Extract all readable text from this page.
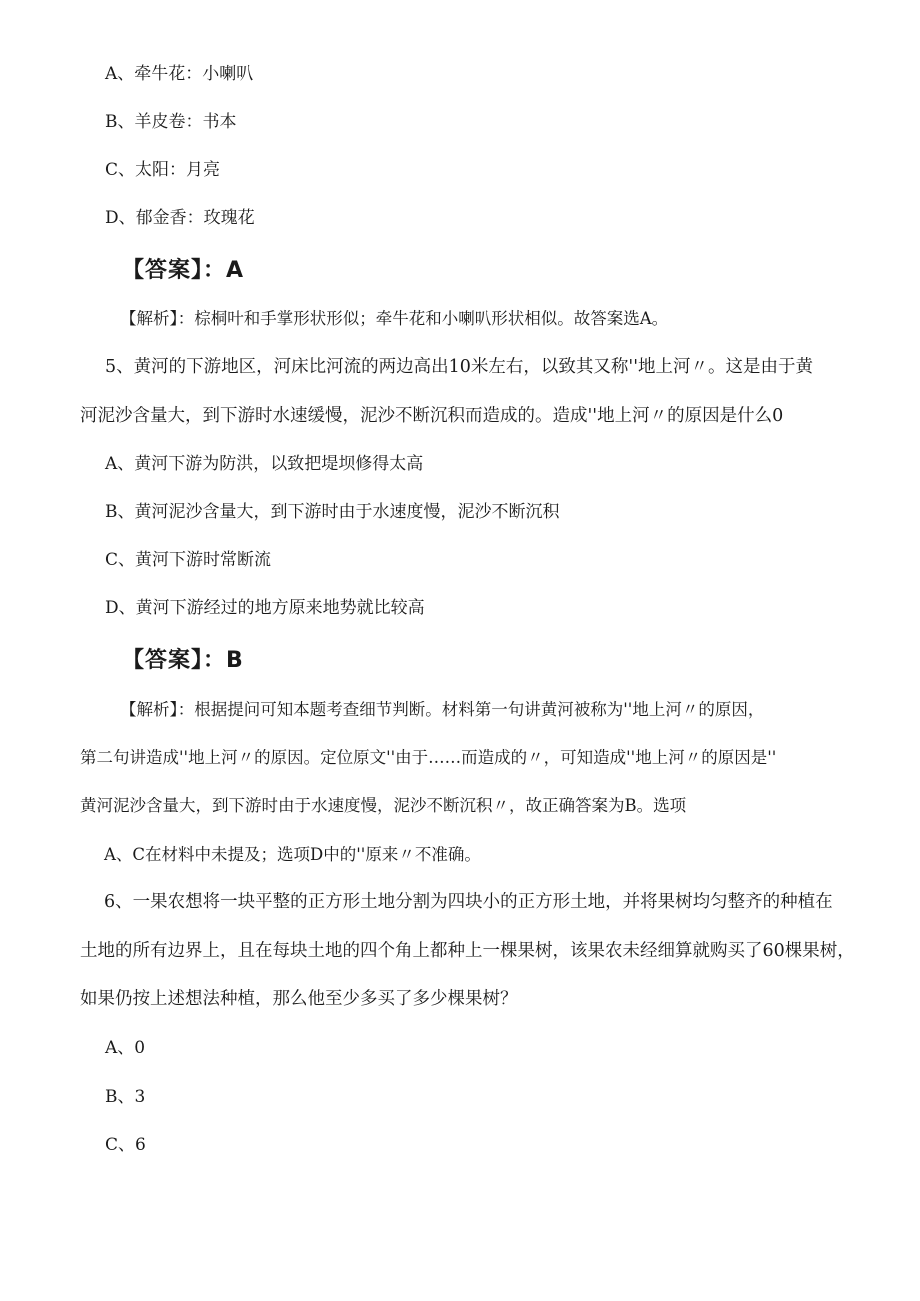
A、牵牛花：小喇叭
B、羊皮卷：书本
C、太阳：月亮
D、郁金香：玫瑰花
【答案】：A
【解析】：棕桐叶和手掌形状形似；牵牛花和小喇叭形状相似。故答案选A。
5、黄河的下游地区，河床比河流的两边高出10米左右，以致其又称''地上河〃。这是由于黄
河泥沙含量大，到下游时水速缓慢，泥沙不断沉积而造成的。造成''地上河〃的原因是什么0
A、黄河下游为防洪，以致把堤坝修得太高
B、黄河泥沙含量大，到下游时由于水速度慢，泥沙不断沉积
C、黄河下游时常断流
D、黄河下游经过的地方原来地势就比较高
【答案】：B
【解析】：根据提问可知本题考查细节判断。材料第一句讲黄河被称为''地上河〃的原因，
第二句讲造成''地上河〃的原因。定位原文''由于……而造成的〃，可知造成''地上河〃的原因是''
黄河泥沙含量大，到下游时由于水速度慢，泥沙不断沉积〃，故正确答案为B。选项
A、C在材料中未提及；选项D中的''原来〃不准确。
6、一果农想将一块平整的正方形土地分割为四块小的正方形土地，并将果树均匀整齐的种植在
土地的所有边界上，且在每块土地的四个角上都种上一棵果树，该果农未经细算就购买了60棵果树，
如果仍按上述想法种植，那么他至少多买了多少棵果树？
A、0
B、3
C、6
